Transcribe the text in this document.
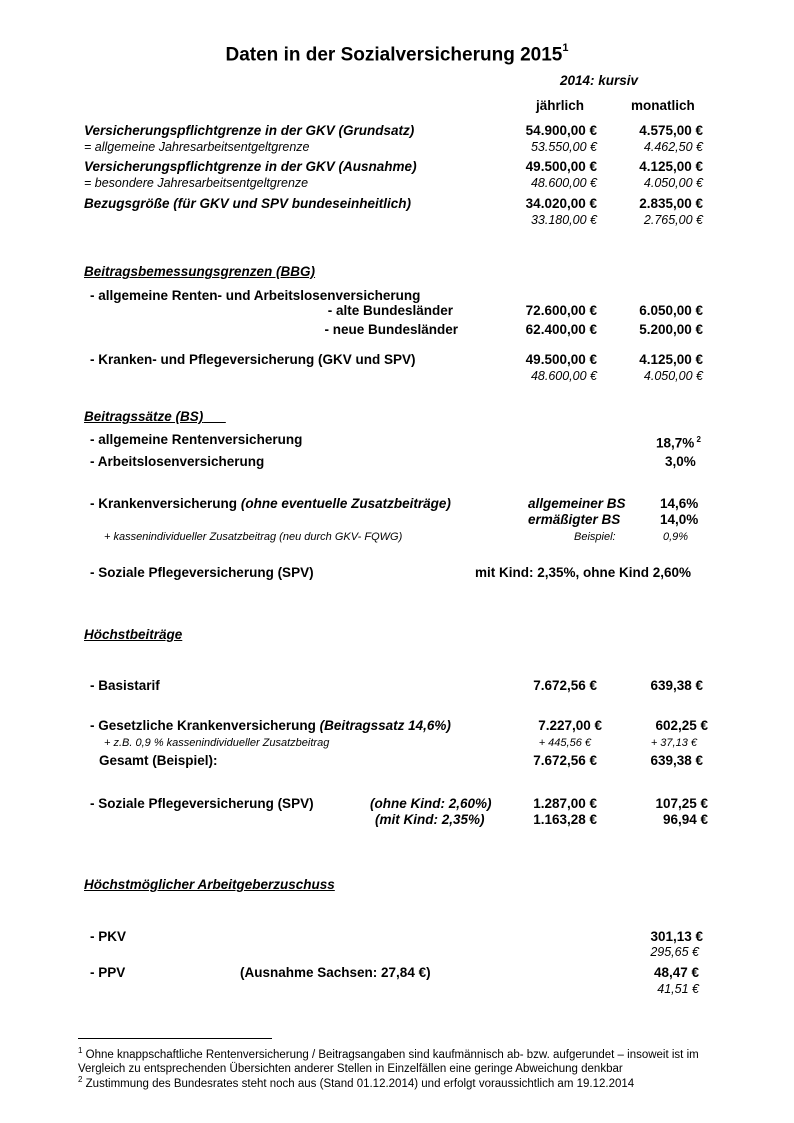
Daten in der Sozialversicherung 2015$^1$
2014: kursiv
jährlich	monatlich
Versicherungspflichtgrenze in der GKV (Grundsatz)	54.900,00 €	4.575,00 €
= allgemeine Jahresarbeitsentgeltgrenze	53.550,00 €	4.462,50 €
Versicherungspflichtgrenze in der GKV (Ausnahme)	49.500,00 €	4.125,00 €
= besondere Jahresarbeitsentgeltgrenze	48.600,00 €	4.050,00 €
Bezugsgröße (für GKV und SPV bundeseinheitlich)	34.020,00 €	2.835,00 €
33.180,00 €	2.765,00 €
Beitragsbemessungsgrenzen (BBG)
- allgemeine Renten- und Arbeitslosenversicherung
- alte Bundesländer	72.600,00 €	6.050,00 €
- neue Bundesländer	62.400,00 €	5.200,00 €
- Kranken- und Pflegeversicherung (GKV und SPV)	49.500,00 €	4.125,00 €
48.600,00 €	4.050,00 €
Beitragssätze (BS)
- allgemeine Rentenversicherung	18,7% $^2$
- Arbeitslosenversicherung	3,0%
- Krankenversicherung (ohne eventuelle Zusatzbeiträge)	allgemeiner BS	14,6%
ermäßigter BS	14,0%
+ kassenindividueller Zusatzbeitrag (neu durch GKV- FQWG)	Beispiel:	0,9%
- Soziale Pflegeversicherung (SPV)	mit Kind: 2,35%, ohne Kind 2,60%
Höchstbeiträge
- Basistarif	7.672,56 €	639,38 €
- Gesetzliche Krankenversicherung (Beitragssatz 14,6%)	7.227,00 €	602,25 €
+ z.B. 0,9 % kassenindividueller Zusatzbeitrag	+ 445,56 €	+ 37,13 €
Gesamt (Beispiel):	7.672,56 €	639,38 €
- Soziale Pflegeversicherung (SPV)	(ohne Kind: 2,60%)	1.287,00 €	107,25 €
(mit Kind: 2,35%)	1.163,28 €	96,94 €
Höchstmöglicher Arbeitgeberzuschuss
- PKV	301,13 €
295,65 €
- PPV	(Ausnahme Sachsen: 27,84 €)	48,47 €
41,51 €
$^1$ Ohne knappschaftliche Rentenversicherung / Beitragsangaben sind kaufmännisch ab- bzw. aufgerundet – insoweit ist im Vergleich zu entsprechenden Übersichten anderer Stellen in Einzelfällen eine geringe Abweichung denkbar
$^2$ Zustimmung des Bundesrates steht noch aus (Stand 01.12.2014) und erfolgt voraussichtlich am 19.12.2014
